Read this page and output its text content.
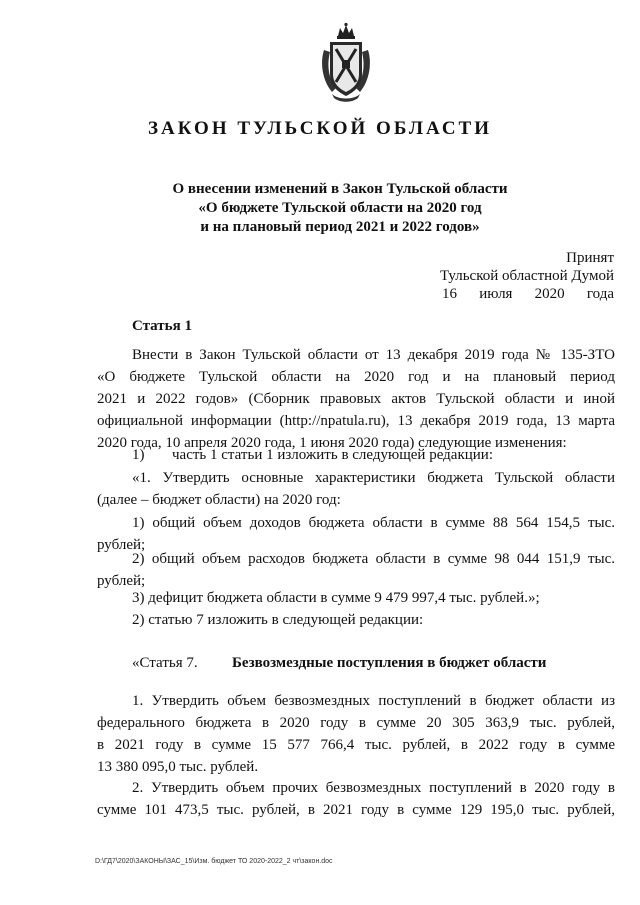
ЗАКОН ТУЛЬСКОЙ ОБЛАСТИ
О внесении изменений в Закон Тульской области
«О бюджете Тульской области на 2020 год
и на плановый период 2021 и 2022 годов»
Принят
Тульской областной Думой
16 июля 2020 года
Статья 1
Внести в Закон Тульской области от 13 декабря 2019 года № 135-ЗТО
«О бюджете Тульской области на 2020 год и на плановый период
2021 и 2022 годов» (Сборник правовых актов Тульской области и иной
официальной информации (http://npatula.ru), 13 декабря 2019 года, 13 марта
2020 года, 10 апреля 2020 года, 1 июня 2020 года) следующие изменения:
1) часть 1 статьи 1 изложить в следующей редакции:
«1. Утвердить основные характеристики бюджета Тульской области
(далее – бюджет области) на 2020 год:
1) общий объем доходов бюджета области в сумме 88 564 154,5 тыс.
рублей;
2) общий объем расходов бюджета области в сумме 98 044 151,9 тыс.
рублей;
3) дефицит бюджета области в сумме 9 479 997,4 тыс. рублей.»;
2) статью 7 изложить в следующей редакции:
«Статья 7. Безвозмездные поступления в бюджет области
1. Утвердить объем безвозмездных поступлений в бюджет области из
федерального бюджета в 2020 году в сумме 20 305 363,9 тыс. рублей,
в 2021 году в сумме 15 577 766,4 тыс. рублей, в 2022 году в сумме
13 380 095,0 тыс. рублей.
2. Утвердить объем прочих безвозмездных поступлений в 2020 году в
сумме 101 473,5 тыс. рублей, в 2021 году в сумме 129 195,0 тыс. рублей,
D:\ГД7\2020\ЗАКОНЫ\ЗАС_15\Изм. бюджет ТО 2020-2022_2 чт\закон.doc
